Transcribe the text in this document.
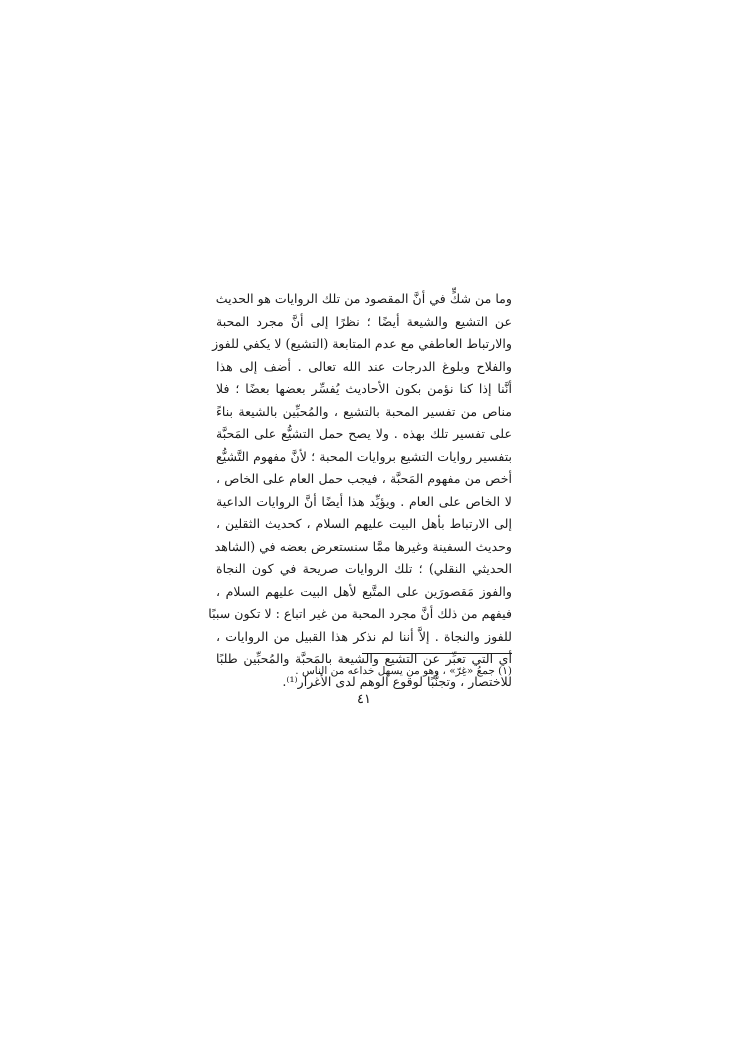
وما من شكٍّ في أنَّ المقصود من تلك الروايات هو الحديث
عن التشيع والشيعة أيضًا ؛ نظرًا إلى أنَّ مجرد المحبة
والارتباط العاطفي مع عدم المتابعة (التشيع) لا يكفي للفوز
والفلاح وبلوغ الدرجات عند الله تعالى . أضف إلى هذا
أنَّنا إذا كنا نؤمن بكون الأحاديث يُفسِّر بعضها بعضًا ؛ فلا
مناص من تفسير المحبة بالتشيع ، والمُحبِّين بالشيعة بناءً
على تفسير تلك بهذه . ولا يصح حمل التشيُّع على المَحبَّة
بتفسير روايات التشيع بروايات المحبة ؛ لأنَّ مفهوم التَّشيُّع
أخص من مفهوم المَحبَّة ، فيجب حمل العام على الخاص ،
لا الخاص على العام . ويؤيِّد هذا أيضًا أنَّ الروايات الداعية
إلى الارتباط بأهل البيت عليهم السلام ، كحديث الثقلين ،
وحديث السفينة وغيرها ممَّا سنستعرض بعضه في (الشاهد
الحديثي النقلي) ؛ تلك الروايات صريحة في كون النجاة
والفوز مَقصورَين على المتَّبع لأهل البيت عليهم السلام ،
فيفهم من ذلك أنَّ مجرد المحبة من غير اتباع : لا تكون سببًا
للفوز والنجاة . إلاَّ أننا لم نذكر هذا القبيل من الروايات ،
أي التي تعبِّر عن التشيع والشيعة بالمَحبَّة والمُحبِّين طلبًا
للاختصار ، وتجنُّبًا لوقوع الوهم لدى الأغرار⁽¹⁾.
(١) جمعُ «غِرّ» ، وهو من يسهل خداعه من الناس .
٤١
